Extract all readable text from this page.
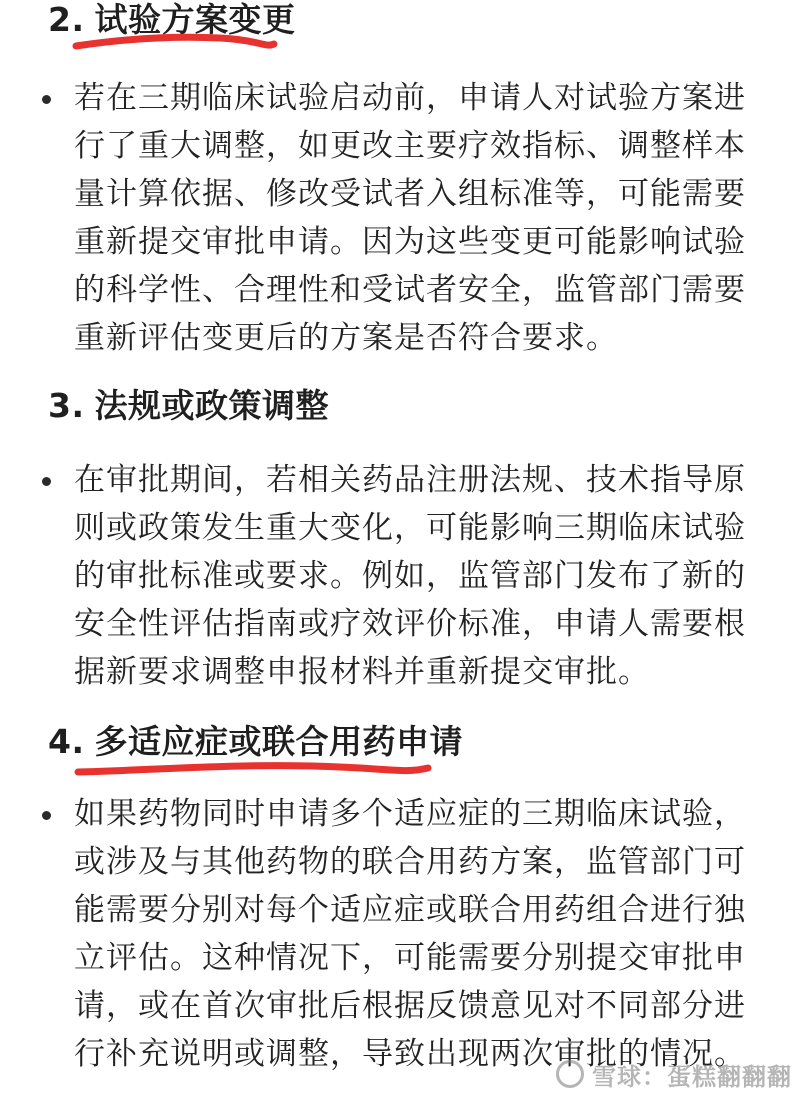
2. 试验方案变更

若在三期临床试验启动前，申请人对试验方案进行了重大调整，如更改主要疗效指标、调整样本量计算依据、修改受试者入组标准等，可能需要重新提交审批申请。因为这些变更可能影响试验的科学性、合理性和受试者安全，监管部门需要重新评估变更后的方案是否符合要求。

3. 法规或政策调整

在审批期间，若相关药品注册法规、技术指导原则或政策发生重大变化，可能影响三期临床试验的审批标准或要求。例如，监管部门发布了新的安全性评估指南或疗效评价标准，申请人需要根据新要求调整申报材料并重新提交审批。

4. 多适应症或联合用药申请

如果药物同时申请多个适应症的三期临床试验，或涉及与其他药物的联合用药方案，监管部门可能需要分别对每个适应症或联合用药组合进行独立评估。这种情况下，可能需要分别提交审批申请，或在首次审批后根据反馈意见对不同部分进行补充说明或调整，导致出现两次审批的情况。

雪球：蛋糕翻翻翻
